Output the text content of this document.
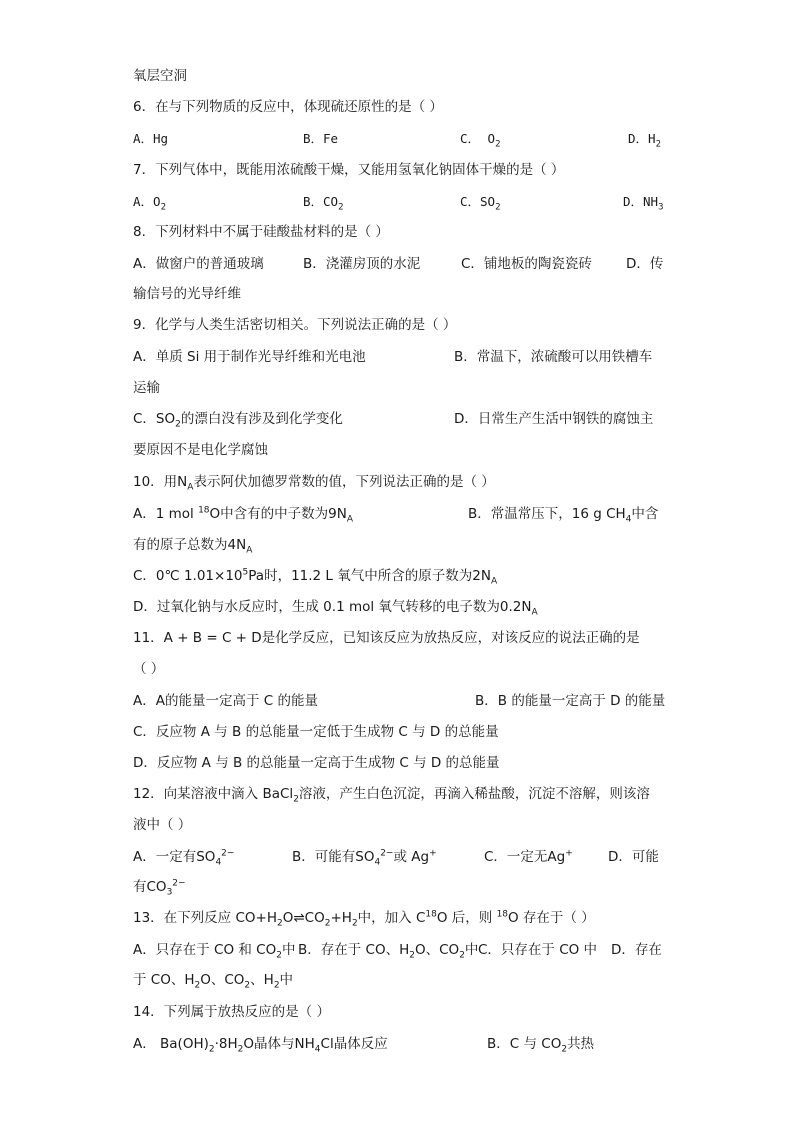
氧层空洞
6．在与下列物质的反应中，体现硫还原性的是（ ）
A．Hg	B．Fe	C． $O_2$	D．$H_2$
7．下列气体中，既能用浓硫酸干燥，又能用氢氧化钠固体干燥的是（ ）
A．$O_2$	B．$CO_2$	C．$SO_2$	D．$NH_3$
8．下列材料中不属于硅酸盐材料的是（ ）
A．做窗户的普通玻璃	B．浇灌房顶的水泥	C．铺地板的陶瓷瓷砖	D．传
输信号的光导纤维
9．化学与人类生活密切相关。下列说法正确的是（ ）
A．单质 Si 用于制作光导纤维和光电池	B．常温下，浓硫酸可以用铁槽车
运输
C．$SO_2$的漂白没有涉及到化学变化	D．日常生产生活中钢铁的腐蚀主
要原因不是电化学腐蚀
10．用$N_A$表示阿伏加德罗常数的值，下列说法正确的是（ ）
A．1 mol $^{18}$O中含有的中子数为$9N_A$	B．常温常压下，16 g $CH_4$中含
有的原子总数为$4N_A$
C．0℃ $1.01\times 10^5Pa$时，11.2 L 氧气中所含的原子数为$2N_A$
D．过氧化钠与水反应时，生成 0.1 mol 氧气转移的电子数为$0.2N_A$
11．A + B = C + D是化学反应，已知该反应为放热反应，对该反应的说法正确的是
（ ）
A．A的能量一定高于 C 的能量	B．B 的能量一定高于 D 的能量
C．反应物 A 与 B 的总能量一定低于生成物 C 与 D 的总能量
D．反应物 A 与 B 的总能量一定高于生成物 C 与 D 的总能量
12．向某溶液中滴入 BaCl$_2$溶液，产生白色沉淀，再滴入稀盐酸，沉淀不溶解，则该溶
液中（ ）
A．一定有$SO_4^{2-}$	B．可能有$SO_4^{2-}$或 Ag+	C．一定无Ag+	D．可能
有$CO_3^{2-}$
13．在下列反应 $CO+H_2O\rightleftharpoons CO_2+H_2$中，加入 $C^{18}O$ 后，则 $^{18}$O 存在于（ ）
A．只存在于 CO 和 $CO_2$中 B．存在于 CO、$H_2O$、$CO_2$中 C．只存在于 CO 中 D．存在
于 CO、$H_2O$、$CO_2$、$H_2$中
14．下列属于放热反应的是（ ）
A． $Ba(OH)_2\cdot 8H_2O$晶体与$NH_4Cl$晶体反应	B．C 与 $CO_2$共热
